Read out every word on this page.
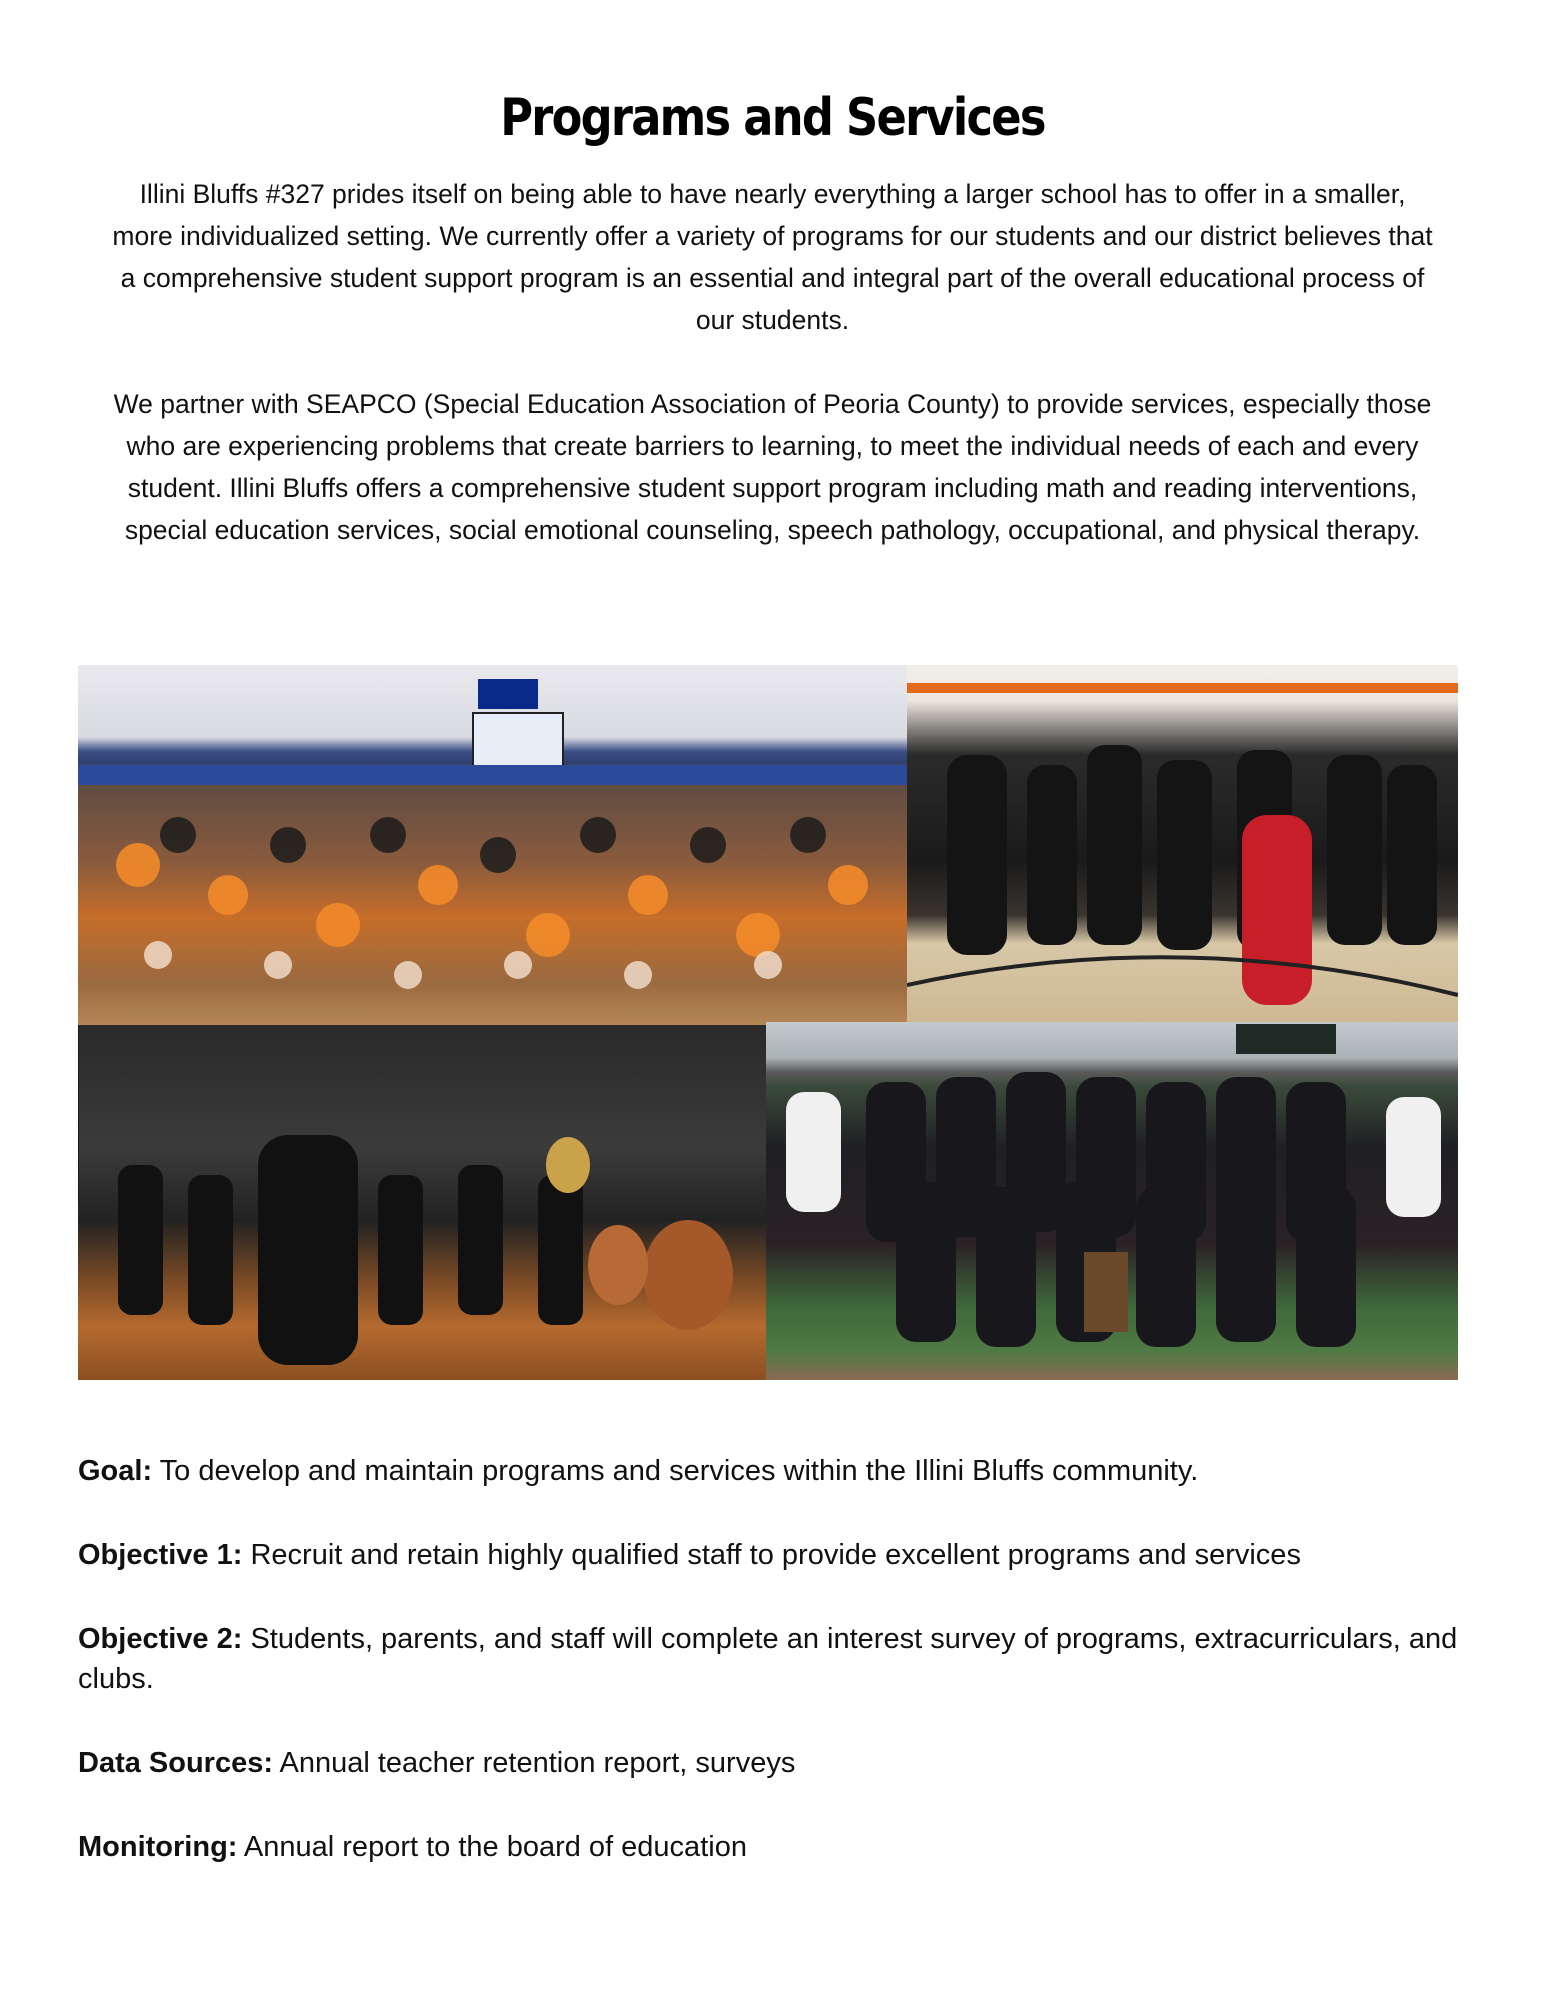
Programs and Services

Illini Bluffs #327 prides itself on being able to have nearly everything a larger school has to offer in a smaller, more individualized setting. We currently offer a variety of programs for our students and our district believes that a comprehensive student support program is an essential and integral part of the overall educational process of our students.

We partner with SEAPCO (Special Education Association of Peoria County) to provide services, especially those who are experiencing problems that create barriers to learning, to meet the individual needs of each and every student. Illini Bluffs offers a comprehensive student support program including math and reading interventions, special education services, social emotional counseling, speech pathology, occupational, and physical therapy.

Goal: To develop and maintain programs and services within the Illini Bluffs community.
Objective 1: Recruit and retain highly qualified staff to provide excellent programs and services
Objective 2: Students, parents, and staff will complete an interest survey of programs, extracurriculars, and clubs.
Data Sources: Annual teacher retention report, surveys
Monitoring: Annual report to the board of education
